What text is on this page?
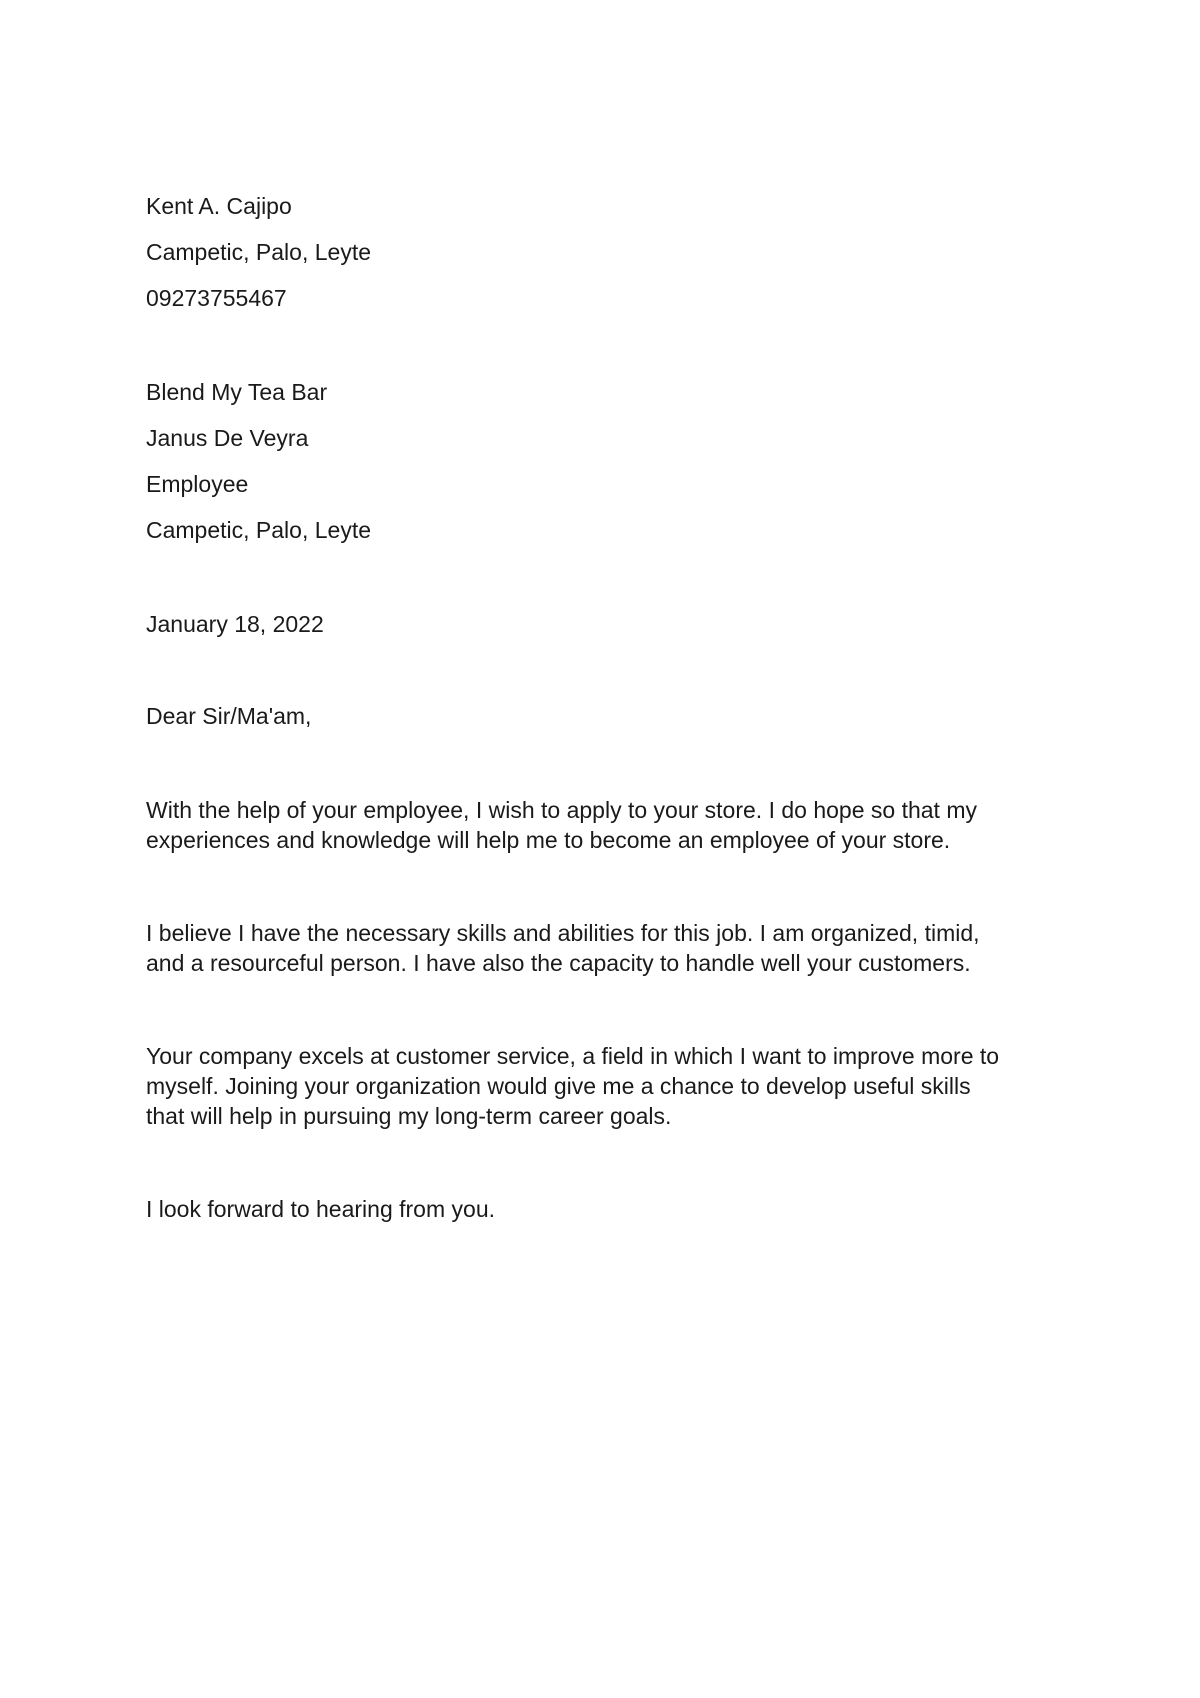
Kent A. Cajipo

Campetic, Palo, Leyte

09273755467

Blend My Tea Bar

Janus De Veyra

Employee

Campetic, Palo, Leyte

January 18, 2022

Dear Sir/Ma'am,

With the help of your employee, I wish to apply to your store. I do hope so that my
experiences and knowledge will help me to become an employee of your store.
I believe I have the necessary skills and abilities for this job. I am organized, timid,
and a resourceful person. I have also the capacity to handle well your customers.
Your company excels at customer service, a field in which I want to improve more to
myself. Joining your organization would give me a chance to develop useful skills
that will help in pursuing my long-term career goals.

I look forward to hearing from you.
